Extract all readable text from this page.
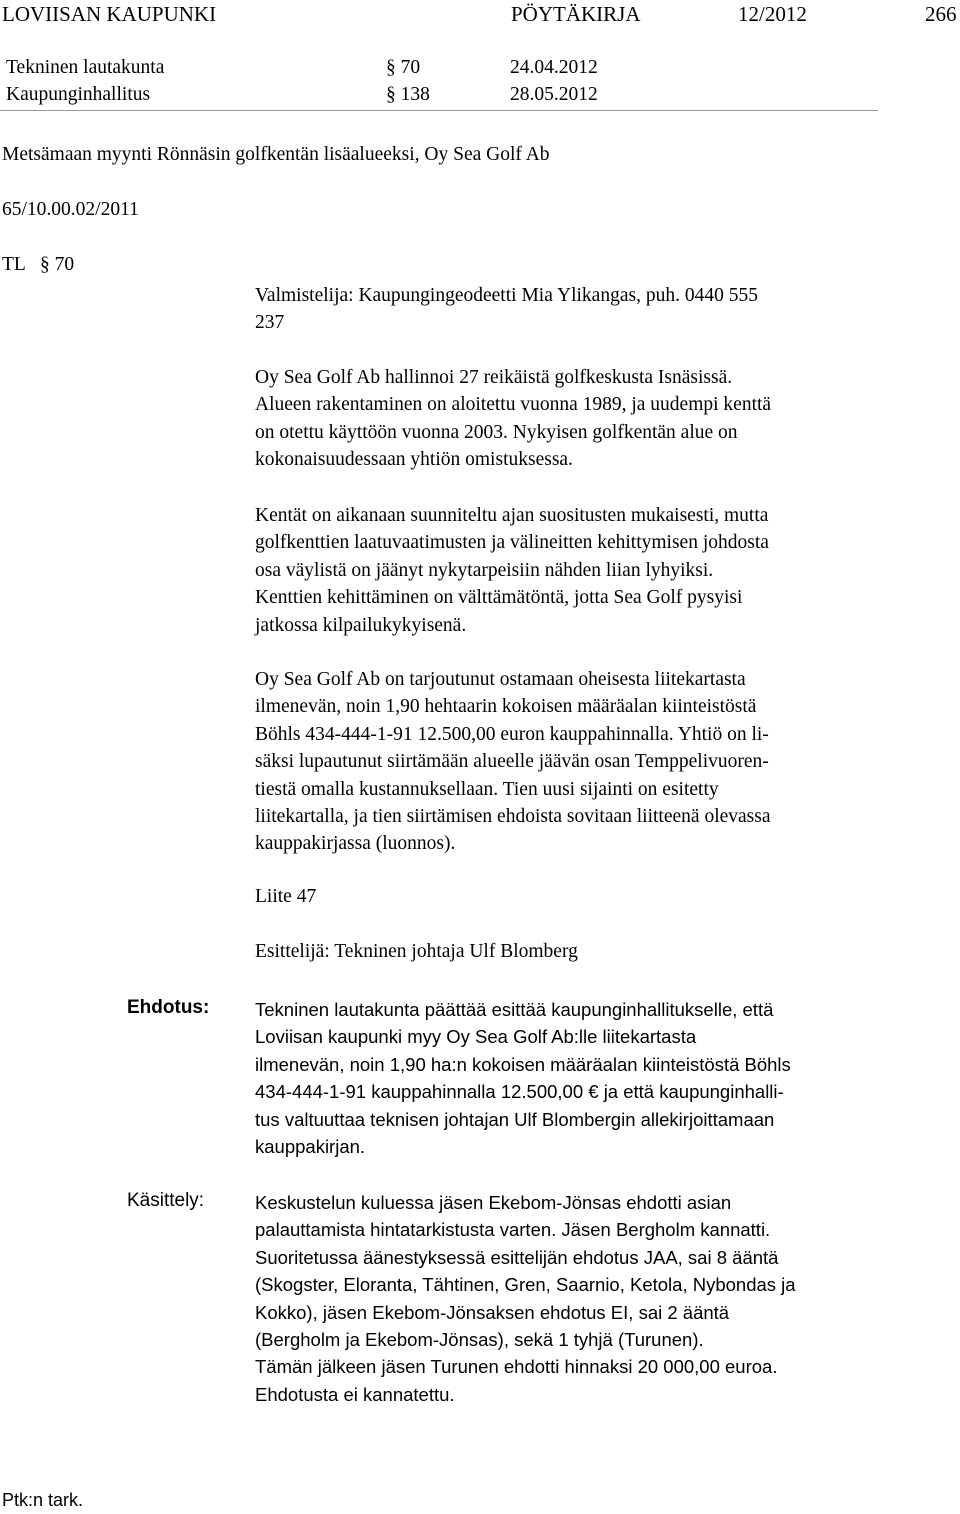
LOVIISAN KAUPUNKI	PÖYTÄKIRJA	12/2012	266
Tekninen lautakunta	§ 70	24.04.2012
Kaupunginhallitus	§ 138	28.05.2012
Metsämaan myynti Rönnäsin golfkentän lisäalueeksi, Oy Sea Golf Ab
65/10.00.02/2011
TL § 70
Valmistelija: Kaupungingeodeetti Mia Ylikangas, puh. 0440 555
237
Oy Sea Golf Ab hallinnoi 27 reikäistä golfkeskusta Isnäsissä.
Alueen rakentaminen on aloitettu vuonna 1989, ja uudempi kenttä
on otettu käyttöön vuonna 2003. Nykyisen golfkentän alue on
kokonaisuudessaan yhtiön omistuksessa.
Kentät on aikanaan suunniteltu ajan suositusten mukaisesti, mutta
golfkenttien laatuvaatimusten ja välineitten kehittymisen johdosta
osa väylistä on jäänyt nykytarpeisiin nähden liian lyhyiksi.
Kenttien kehittäminen on välttämätöntä, jotta Sea Golf pysyisi
jatkossa kilpailukykyisenä.
Oy Sea Golf Ab on tarjoutunut ostamaan oheisesta liitekartasta
ilmenevän, noin 1,90 hehtaarin kokoisen määräalan kiinteistöstä
Böhls 434-444-1-91 12.500,00 euron kauppahinnalla. Yhtiö on li-
säksi lupautunut siirtämään alueelle jäävän osan Temppelivuoren-
tiestä omalla kustannuksellaan. Tien uusi sijainti on esitetty
liitekartalla, ja tien siirtämisen ehdoista sovitaan liitteenä olevassa
kauppakirjassa (luonnos).
Liite 47
Esittelijä: Tekninen johtaja Ulf Blomberg
Ehdotus: Tekninen lautakunta päättää esittää kaupunginhallitukselle, että
Loviisan kaupunki myy Oy Sea Golf Ab:lle liitekartasta
ilmenevän, noin 1,90 ha:n kokoisen määräalan kiinteistöstä Böhls
434-444-1-91 kauppahinnalla 12.500,00 € ja että kaupunginhalli-
tus valtuuttaa teknisen johtajan Ulf Blombergin allekirjoittamaan
kauppakirjan.
Käsittely:	Keskustelun kuluessa jäsen Ekebom-Jönsas ehdotti asian
palauttamista hintatarkistusta varten. Jäsen Bergholm kannatti.
Suoritetussa äänestyksessä esittelijän ehdotus JAA, sai 8 ääntä
(Skogster, Eloranta, Tähtinen, Gren, Saarnio, Ketola, Nybondas ja
Kokko), jäsen Ekebom-Jönsaksen ehdotus EI, sai 2 ääntä
(Bergholm ja Ekebom-Jönsas), sekä 1 tyhjä (Turunen).
Tämän jälkeen jäsen Turunen ehdotti hinnaksi 20 000,00 euroa.
Ehdotusta ei kannatettu.
Ptk:n tark.
